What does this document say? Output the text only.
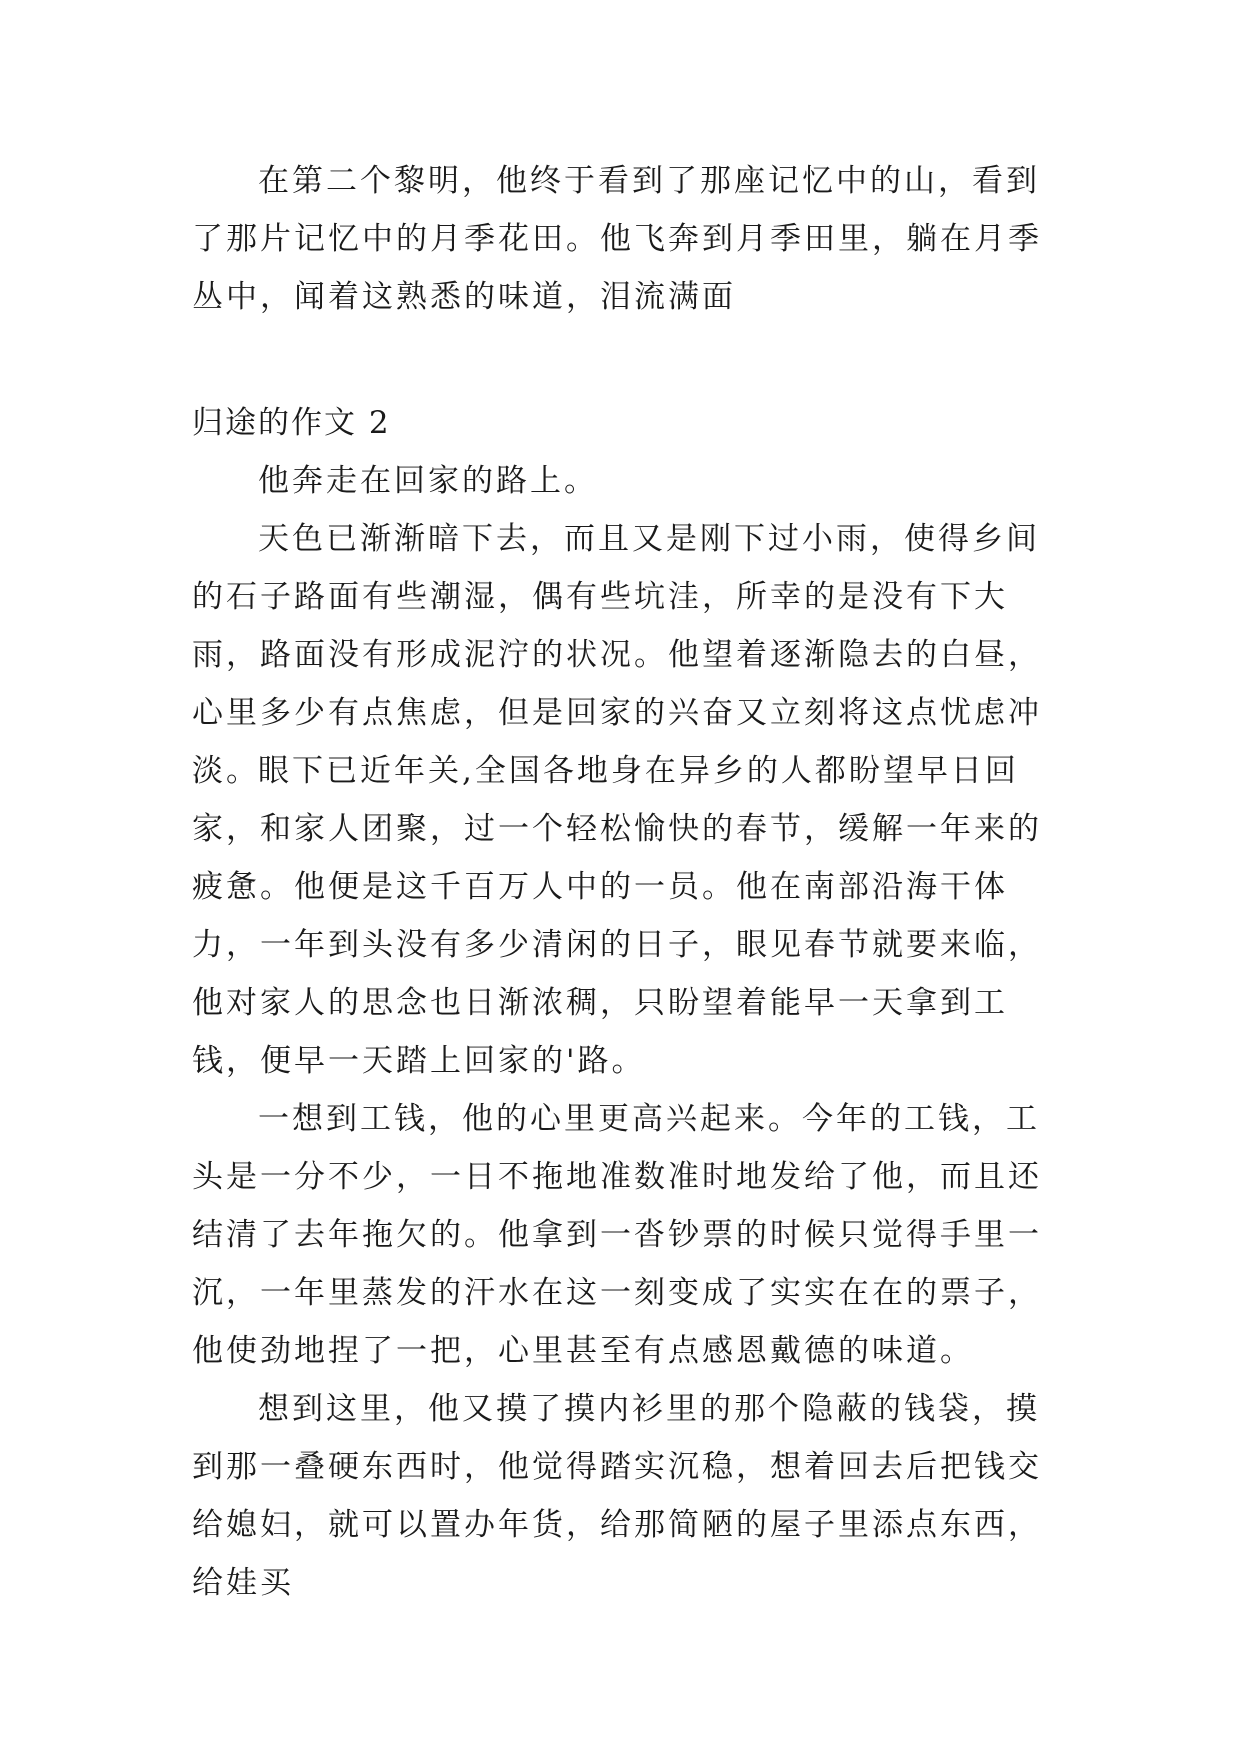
在第二个黎明，他终于看到了那座记忆中的山，看到了那片记忆中的月季花田。他飞奔到月季田里，躺在月季丛中，闻着这熟悉的味道，泪流满面

归途的作文 2

他奔走在回家的路上。

天色已渐渐暗下去，而且又是刚下过小雨，使得乡间的石子路面有些潮湿，偶有些坑洼，所幸的是没有下大雨，路面没有形成泥泞的状况。他望着逐渐隐去的白昼，心里多少有点焦虑，但是回家的兴奋又立刻将这点忧虑冲淡。

眼下已近年关,全国各地身在异乡的人都盼望早日回家，和家人团聚，过一个轻松愉快的春节，缓解一年来的疲惫。他便是这千百万人中的一员。他在南部沿海干体力，一年到头没有多少清闲的日子，眼见春节就要来临，他对家人的思念也日渐浓稠，只盼望着能早一天拿到工钱，便早一天踏上回家的'路。

一想到工钱，他的心里更高兴起来。今年的工钱，工头是一分不少，一日不拖地准数准时地发给了他，而且还结清了去年拖欠的。他拿到一沓钞票的时候只觉得手里一沉，一年里蒸发的汗水在这一刻变成了实实在在的票子，他使劲地捏了一把，心里甚至有点感恩戴德的味道。

想到这里，他又摸了摸内衫里的那个隐蔽的钱袋，摸到那一叠硬东西时，他觉得踏实沉稳，想着回去后把钱交给媳妇，就可以置办年货，给那简陋的屋子里添点东西，给娃买
